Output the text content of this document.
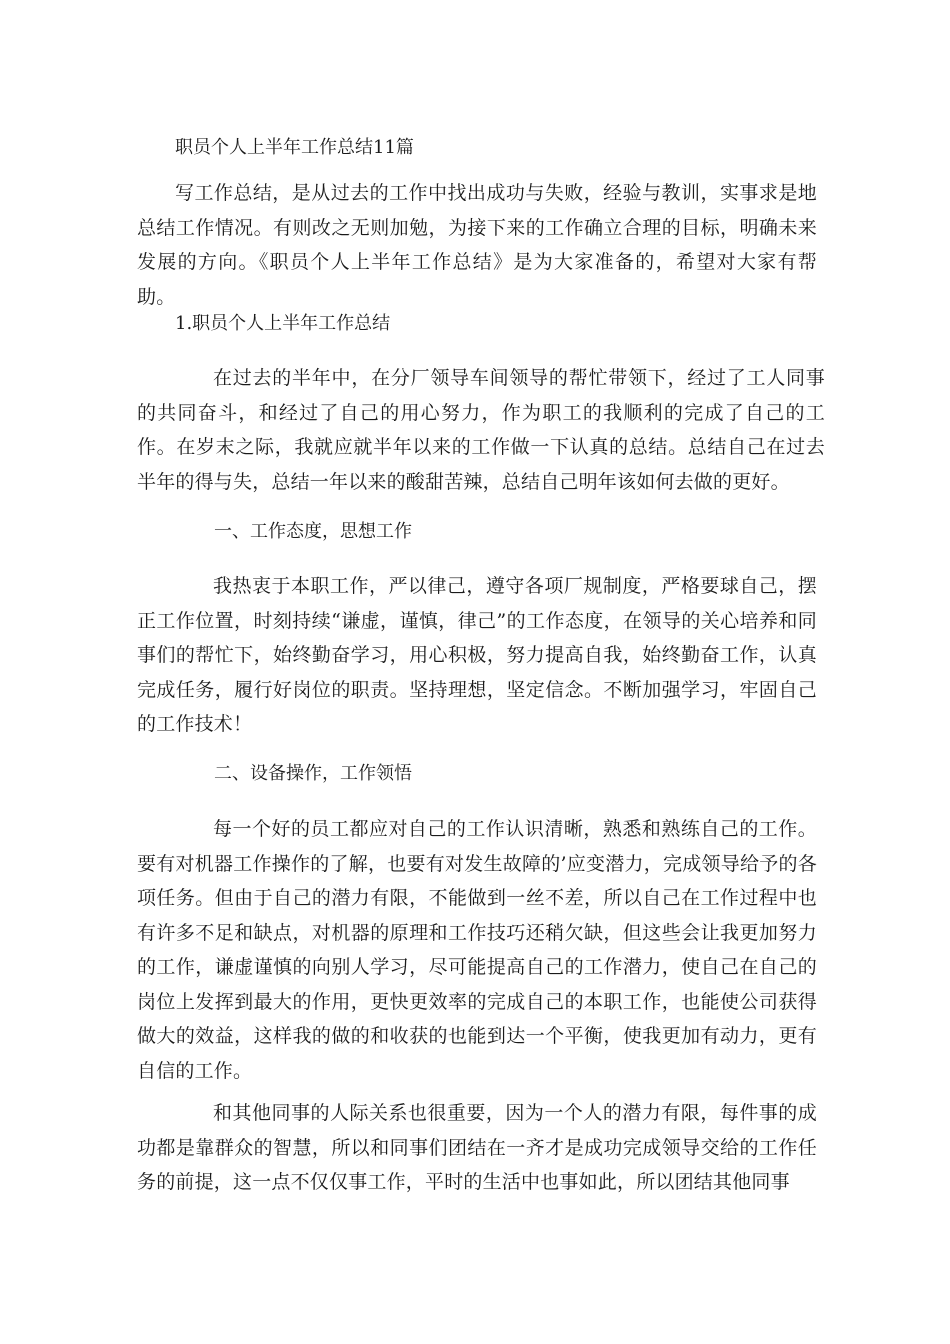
职员个人上半年工作总结11篇

写工作总结，是从过去的工作中找出成功与失败，经验与教训，实事求是地总结工作情况。有则改之无则加勉，为接下来的工作确立合理的目标，明确未来发展的方向。《职员个人上半年工作总结》是为大家准备的，希望对大家有帮助。

1.职员个人上半年工作总结

在过去的半年中，在分厂领导车间领导的帮忙带领下，经过了工人同事的共同奋斗，和经过了自己的用心努力，作为职工的我顺利的完成了自己的工作。在岁末之际，我就应就半年以来的工作做一下认真的总结。总结自己在过去半年的得与失，总结一年以来的酸甜苦辣，总结自己明年该如何去做的更好。

一、工作态度，思想工作

我热衷于本职工作，严以律己，遵守各项厂规制度，严格要球自己，摆正工作位置，时刻持续“谦虚，谨慎，律己”的工作态度，在领导的关心培养和同事们的帮忙下，始终勤奋学习，用心积极，努力提高自我，始终勤奋工作，认真完成任务，履行好岗位的职责。坚持理想，坚定信念。不断加强学习，牢固自己的工作技术！

二、设备操作，工作领悟

每一个好的员工都应对自己的工作认识清晰，熟悉和熟练自己的工作。要有对机器工作操作的了解，也要有对发生故障的’应变潜力，完成领导给予的各项任务。但由于自己的潜力有限，不能做到一丝不差，所以自己在工作过程中也有许多不足和缺点，对机器的原理和工作技巧还稍欠缺，但这些会让我更加努力的工作，谦虚谨慎的向别人学习，尽可能提高自己的工作潜力，使自己在自己的岗位上发挥到最大的作用，更快更效率的完成自己的本职工作，也能使公司获得做大的效益，这样我的做的和收获的也能到达一个平衡，使我更加有动力，更有自信的工作。

和其他同事的人际关系也很重要，因为一个人的潜力有限，每件事的成功都是靠群众的智慧，所以和同事们团结在一齐才是成功完成领导交给的工作任务的前提，这一点不仅仅事工作，平时的生活中也事如此，所以团结其他同事
